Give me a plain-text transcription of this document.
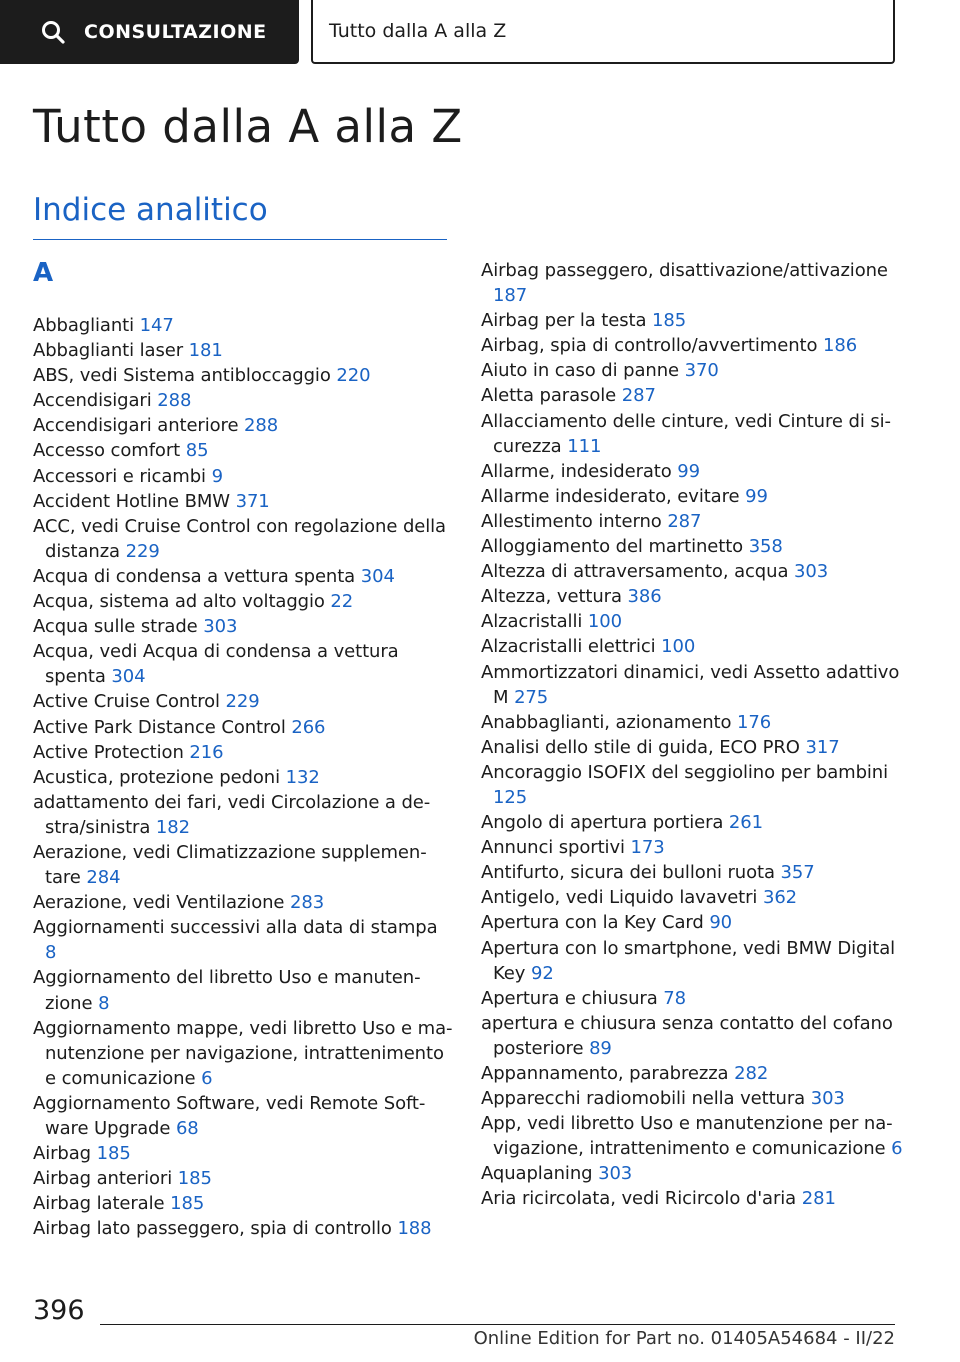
CONSULTAZIONE	Tutto dalla A alla Z
Tutto dalla A alla Z
Indice analitico
A
Abbaglianti 147
Abbaglianti laser 181
ABS, vedi Sistema antibloccaggio 220
Accendisigari 288
Accendisigari anteriore 288
Accesso comfort 85
Accessori e ricambi 9
Accident Hotline BMW 371
ACC, vedi Cruise Control con regolazione della distanza 229
Acqua di condensa a vettura spenta 304
Acqua, sistema ad alto voltaggio 22
Acqua sulle strade 303
Acqua, vedi Acqua di condensa a vettura spenta 304
Active Cruise Control 229
Active Park Distance Control 266
Active Protection 216
Acustica, protezione pedoni 132
adattamento dei fari, vedi Circolazione a destra/sinistra 182
Aerazione, vedi Climatizzazione supplementare 284
Aerazione, vedi Ventilazione 283
Aggiornamenti successivi alla data di stampa 8
Aggiornamento del libretto Uso e manutenzione 8
Aggiornamento mappe, vedi libretto Uso e manutenzione per navigazione, intrattenimento e comunicazione 6
Aggiornamento Software, vedi Remote Software Upgrade 68
Airbag 185
Airbag anteriori 185
Airbag laterale 185
Airbag lato passeggero, spia di controllo 188
Airbag passeggero, disattivazione/attivazione 187
Airbag per la testa 185
Airbag, spia di controllo/avvertimento 186
Aiuto in caso di panne 370
Aletta parasole 287
Allacciamento delle cinture, vedi Cinture di sicurezza 111
Allarme, indesiderato 99
Allarme indesiderato, evitare 99
Allestimento interno 287
Alloggiamento del martinetto 358
Altezza di attraversamento, acqua 303
Altezza, vettura 386
Alzacristalli 100
Alzacristalli elettrici 100
Ammortizzatori dinamici, vedi Assetto adattivo M 275
Anabbaglianti, azionamento 176
Analisi dello stile di guida, ECO PRO 317
Ancoraggio ISOFIX del seggiolino per bambini 125
Angolo di apertura portiera 261
Annunci sportivi 173
Antifurto, sicura dei bulloni ruota 357
Antigelo, vedi Liquido lavavetri 362
Apertura con la Key Card 90
Apertura con lo smartphone, vedi BMW Digital Key 92
Apertura e chiusura 78
apertura e chiusura senza contatto del cofano posteriore 89
Appannamento, parabrezza 282
Apparecchi radiomobili nella vettura 303
App, vedi libretto Uso e manutenzione per navigazione, intrattenimento e comunicazione 6
Aquaplaning 303
Aria ricircolata, vedi Ricircolo d'aria 281
396
Online Edition for Part no. 01405A54684 - II/22
